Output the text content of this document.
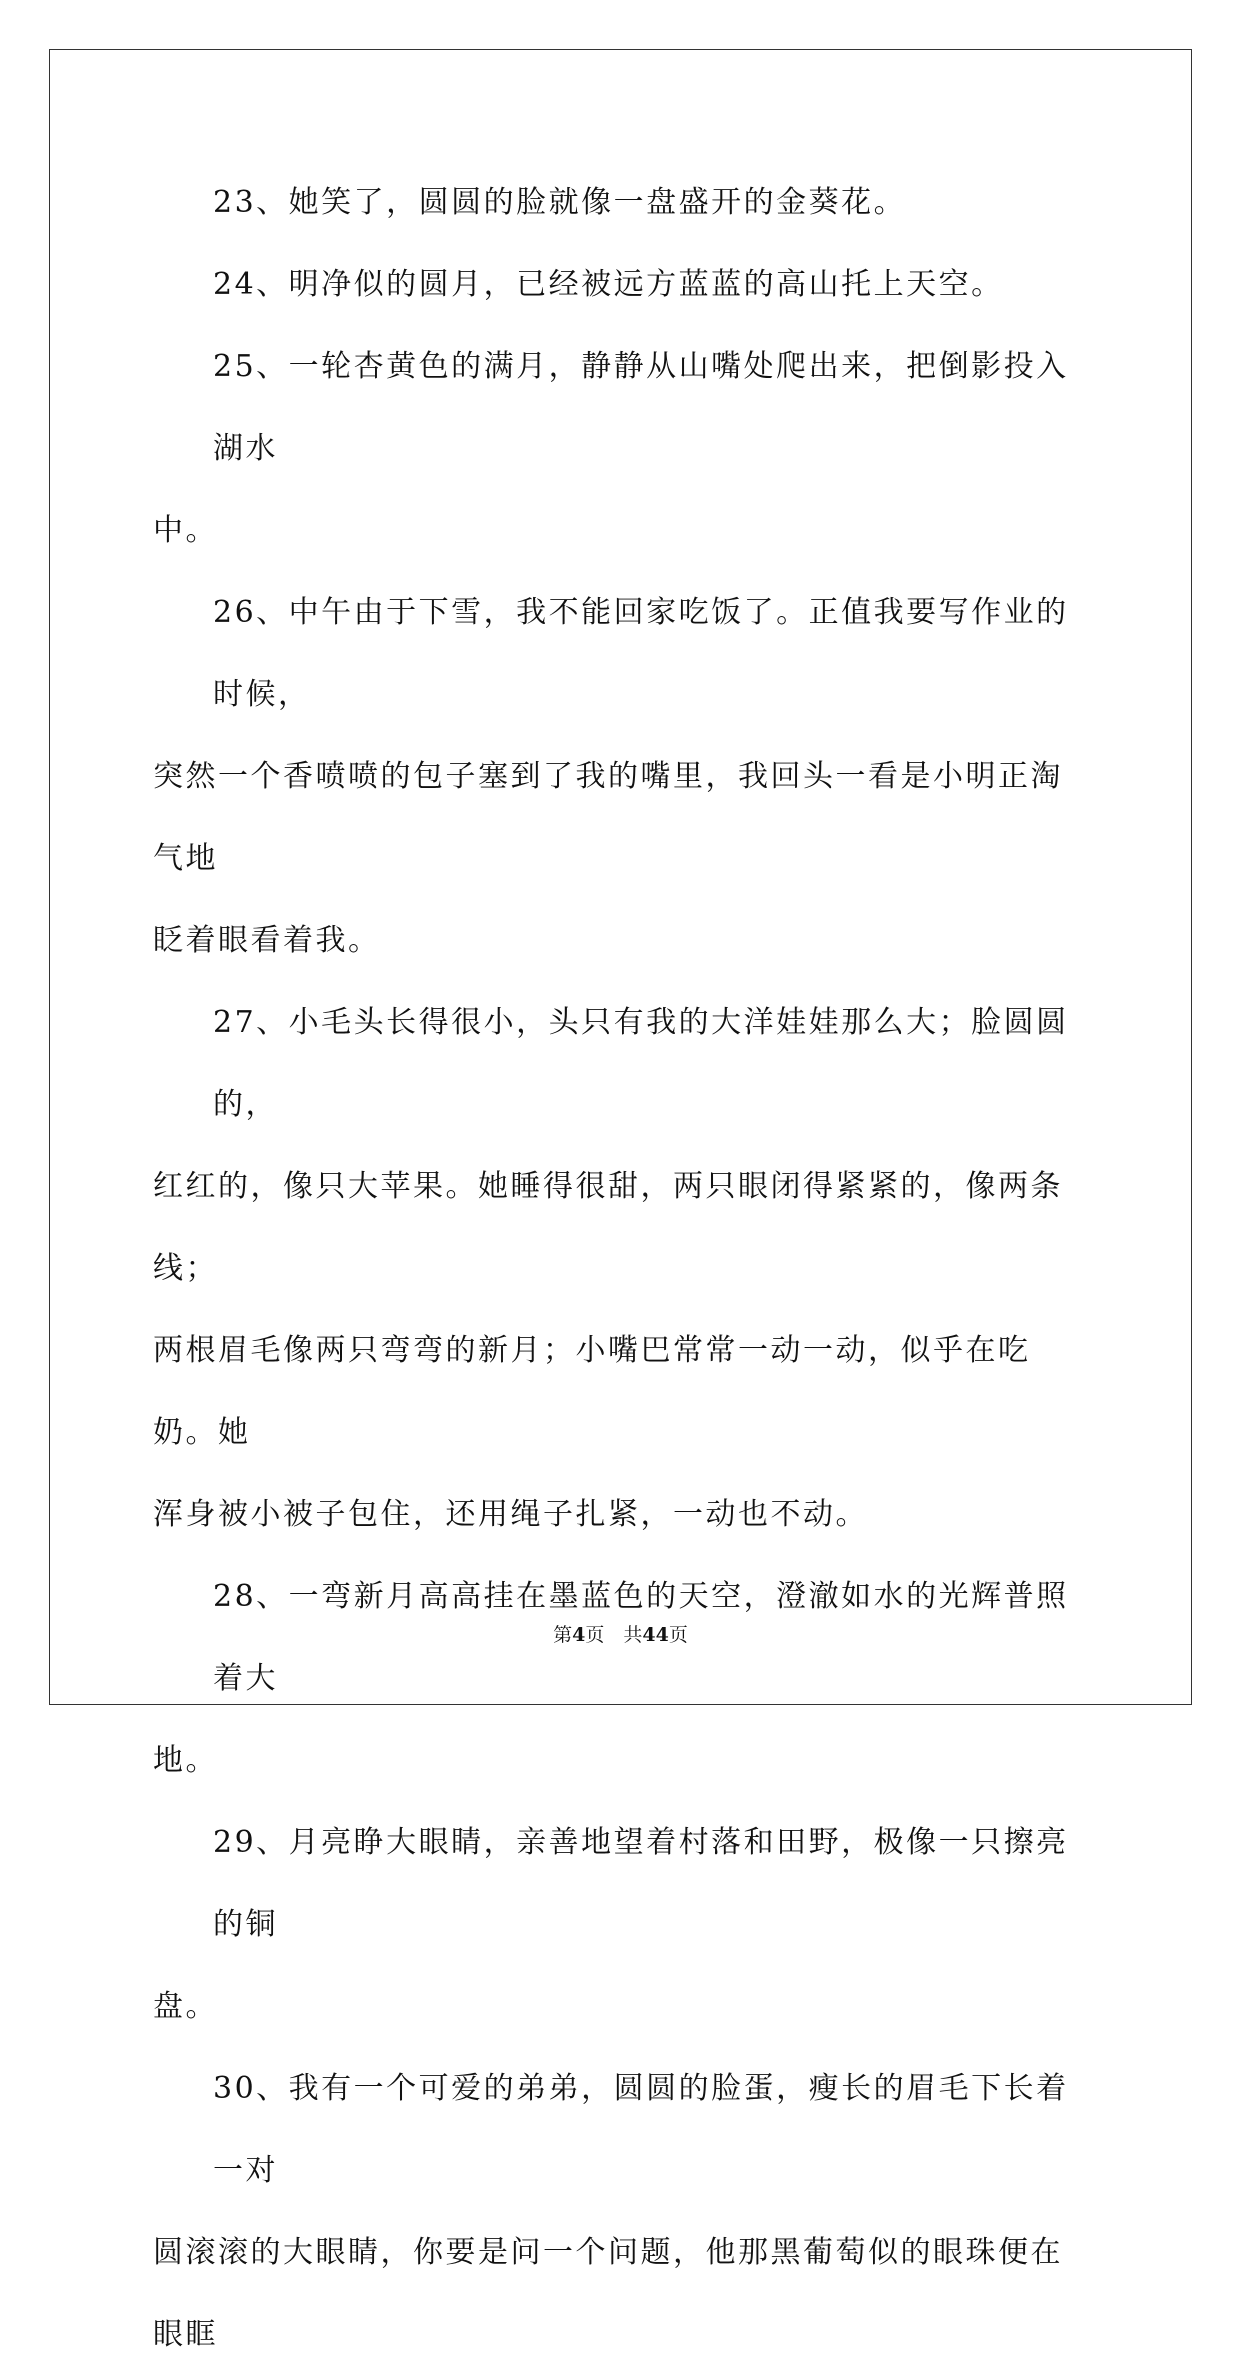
23、她笑了，圆圆的脸就像一盘盛开的金葵花。

24、明净似的圆月，已经被远方蓝蓝的高山托上天空。

25、一轮杏黄色的满月，静静从山嘴处爬出来，把倒影投入湖水

中。

26、中午由于下雪，我不能回家吃饭了。正值我要写作业的时候，

突然一个香喷喷的包子塞到了我的嘴里，我回头一看是小明正淘气地

眨着眼看着我。

27、小毛头长得很小，头只有我的大洋娃娃那么大；脸圆圆的，

红红的，像只大苹果。她睡得很甜，两只眼闭得紧紧的，像两条线；

两根眉毛像两只弯弯的新月；小嘴巴常常一动一动，似乎在吃奶。她

浑身被小被子包住，还用绳子扎紧，一动也不动。

28、一弯新月高高挂在墨蓝色的天空，澄澈如水的光辉普照着大

地。

29、月亮睁大眼睛，亲善地望着村落和田野，极像一只擦亮的铜

盘。

30、我有一个可爱的弟弟，圆圆的脸蛋，瘦长的眉毛下长着一对

圆滚滚的大眼睛，你要是问一个问题，他那黑葡萄似的眼珠便在眼眶

第4页　共44页
